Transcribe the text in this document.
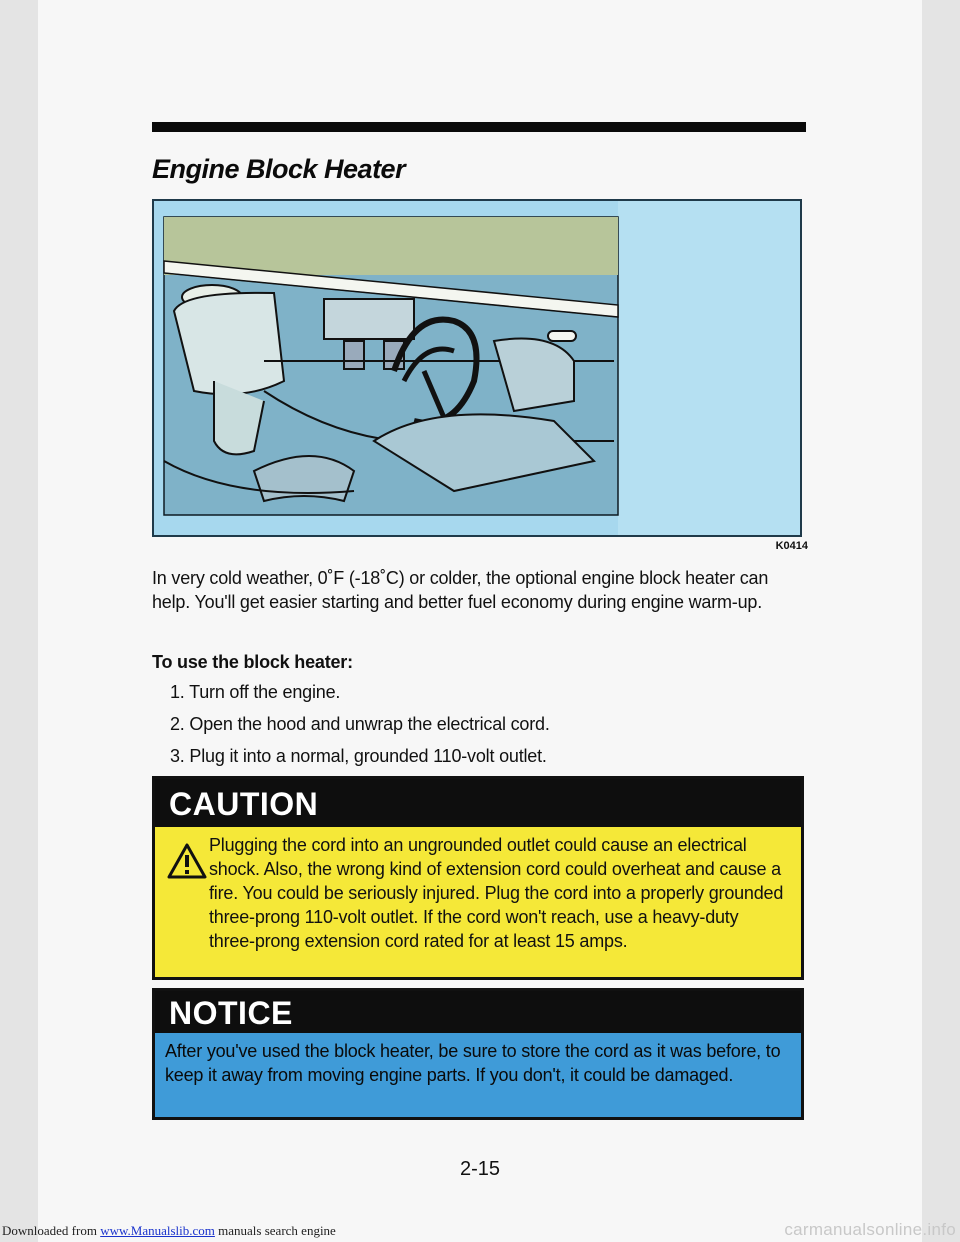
Engine Block Heater
K0414

In very cold weather, 0˚F (-18˚C) or colder, the optional engine block heater can help. You'll get easier starting and better fuel economy during engine warm-up.

To use the block heater:

1. Turn off the engine.
2. Open the hood and unwrap the electrical cord.
3. Plug it into a normal, grounded 110-volt outlet.
CAUTION

Plugging the cord into an ungrounded outlet could cause an electrical shock. Also, the wrong kind of extension cord could overheat and cause a fire. You could be seriously injured. Plug the cord into a properly grounded three-prong 110-volt outlet. If the cord won't reach, use a heavy-duty three-prong extension cord rated for at least 15 amps.

NOTICE

After you've used the block heater, be sure to store the cord as it was before, to keep it away from moving engine parts. If you don't, it could be damaged.

2-15
Downloaded from www.Manualslib.com manuals search engine	carmanualsonline.info
